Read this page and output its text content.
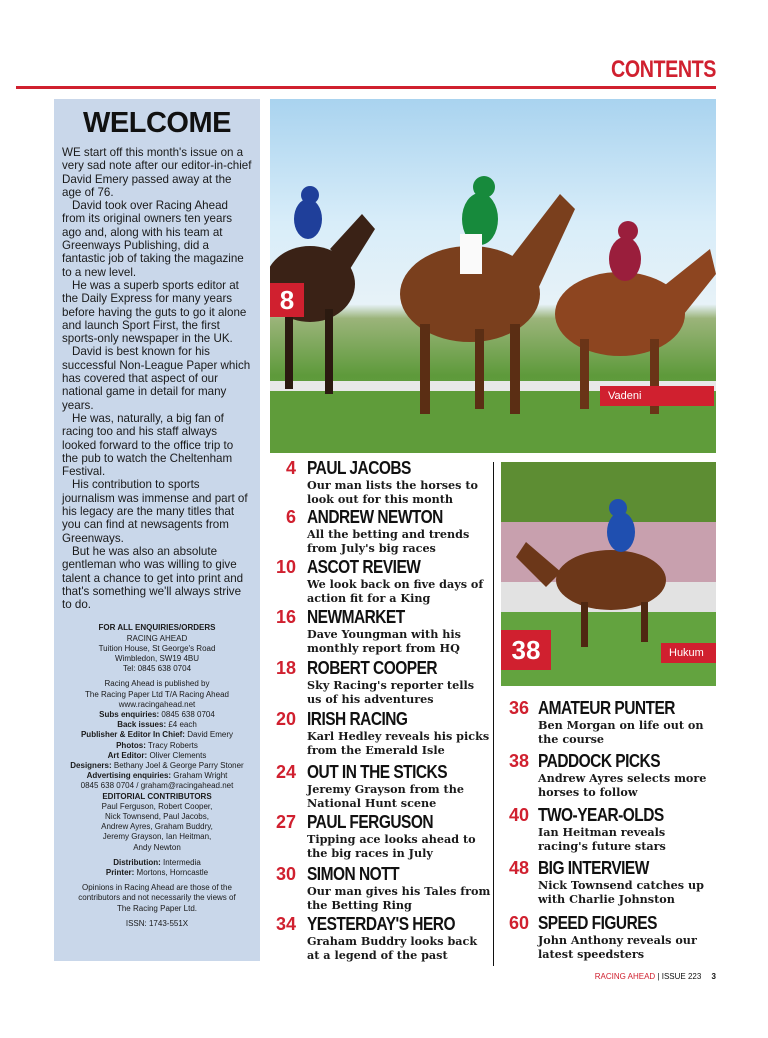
CONTENTS
WELCOME

WE start off this month's issue on a very sad note after our editor-in-chief David Emery passed away at the age of 76.

David took over Racing Ahead from its original owners ten years ago and, along with his team at Greenways Publishing, did a fantastic job of taking the magazine to a new level.

He was a superb sports editor at the Daily Express for many years before having the guts to go it alone and launch Sport First, the first sports-only newspaper in the UK.

David is best known for his successful Non-League Paper which has covered that aspect of our national game in detail for many years.

He was, naturally, a big fan of racing too and his staff always looked forward to the office trip to the pub to watch the Cheltenham Festival.

His contribution to sports journalism was immense and part of his legacy are the many titles that you can find at newsagents from Greenways.

But he was also an absolute gentleman who was willing to give talent a chance to get into print and that's something we'll always strive to do.

FOR ALL ENQUIRIES/ORDERS
RACING AHEAD
Tuition House, St George's Road
Wimbledon, SW19 4BU
Tel: 0845 638 0704
Racing Ahead is published by
The Racing Paper Ltd T/A Racing Ahead
www.racingahead.net
Subs enquiries: 0845 638 0704
Back issues: £4 each
Publisher & Editor In Chief: David Emery
Photos: Tracy Roberts
Art Editor: Oliver Clements
Designers: Bethany Joel & George Parry Stoner
Advertising enquiries: Graham Wright
0845 638 0704 / graham@racingahead.net
EDITORIAL CONTRIBUTORS
Paul Ferguson, Robert Cooper,
Nick Townsend, Paul Jacobs,
Andrew Ayres, Graham Buddry,
Jeremy Grayson, Ian Heitman,
Andy Newton
Distribution: Intermedia
Printer: Mortons, Horncastle
Opinions in Racing Ahead are those of the
contributors and not necessarily the views of
The Racing Paper Ltd.
ISSN: 1743-551X
8
Vadeni
38	Hukum
4 PAUL JACOBS
Our man lists the horses to look out for this month
6 ANDREW NEWTON
All the betting and trends from July's big races
10 ASCOT REVIEW
We look back on five days of action fit for a King
16 NEWMARKET
Dave Youngman with his monthly report from HQ
18 ROBERT COOPER
Sky Racing's reporter tells us of his adventures
20 IRISH RACING
Karl Hedley reveals his picks from the Emerald Isle
24 OUT IN THE STICKS
Jeremy Grayson from the National Hunt scene
27 PAUL FERGUSON
Tipping ace looks ahead to the big races in July
30 SIMON NOTT
Our man gives his Tales from the Betting Ring
34 YESTERDAY'S HERO
Graham Buddry looks back at a legend of the past
36 AMATEUR PUNTER
Ben Morgan on life out on the course
38 PADDOCK PICKS
Andrew Ayres selects more horses to follow
40 TWO-YEAR-OLDS
Ian Heitman reveals racing's future stars
48 BIG INTERVIEW
Nick Townsend catches up with Charlie Johnston
60 SPEED FIGURES
John Anthony reveals our latest speedsters
RACING AHEAD | ISSUE 223 3
